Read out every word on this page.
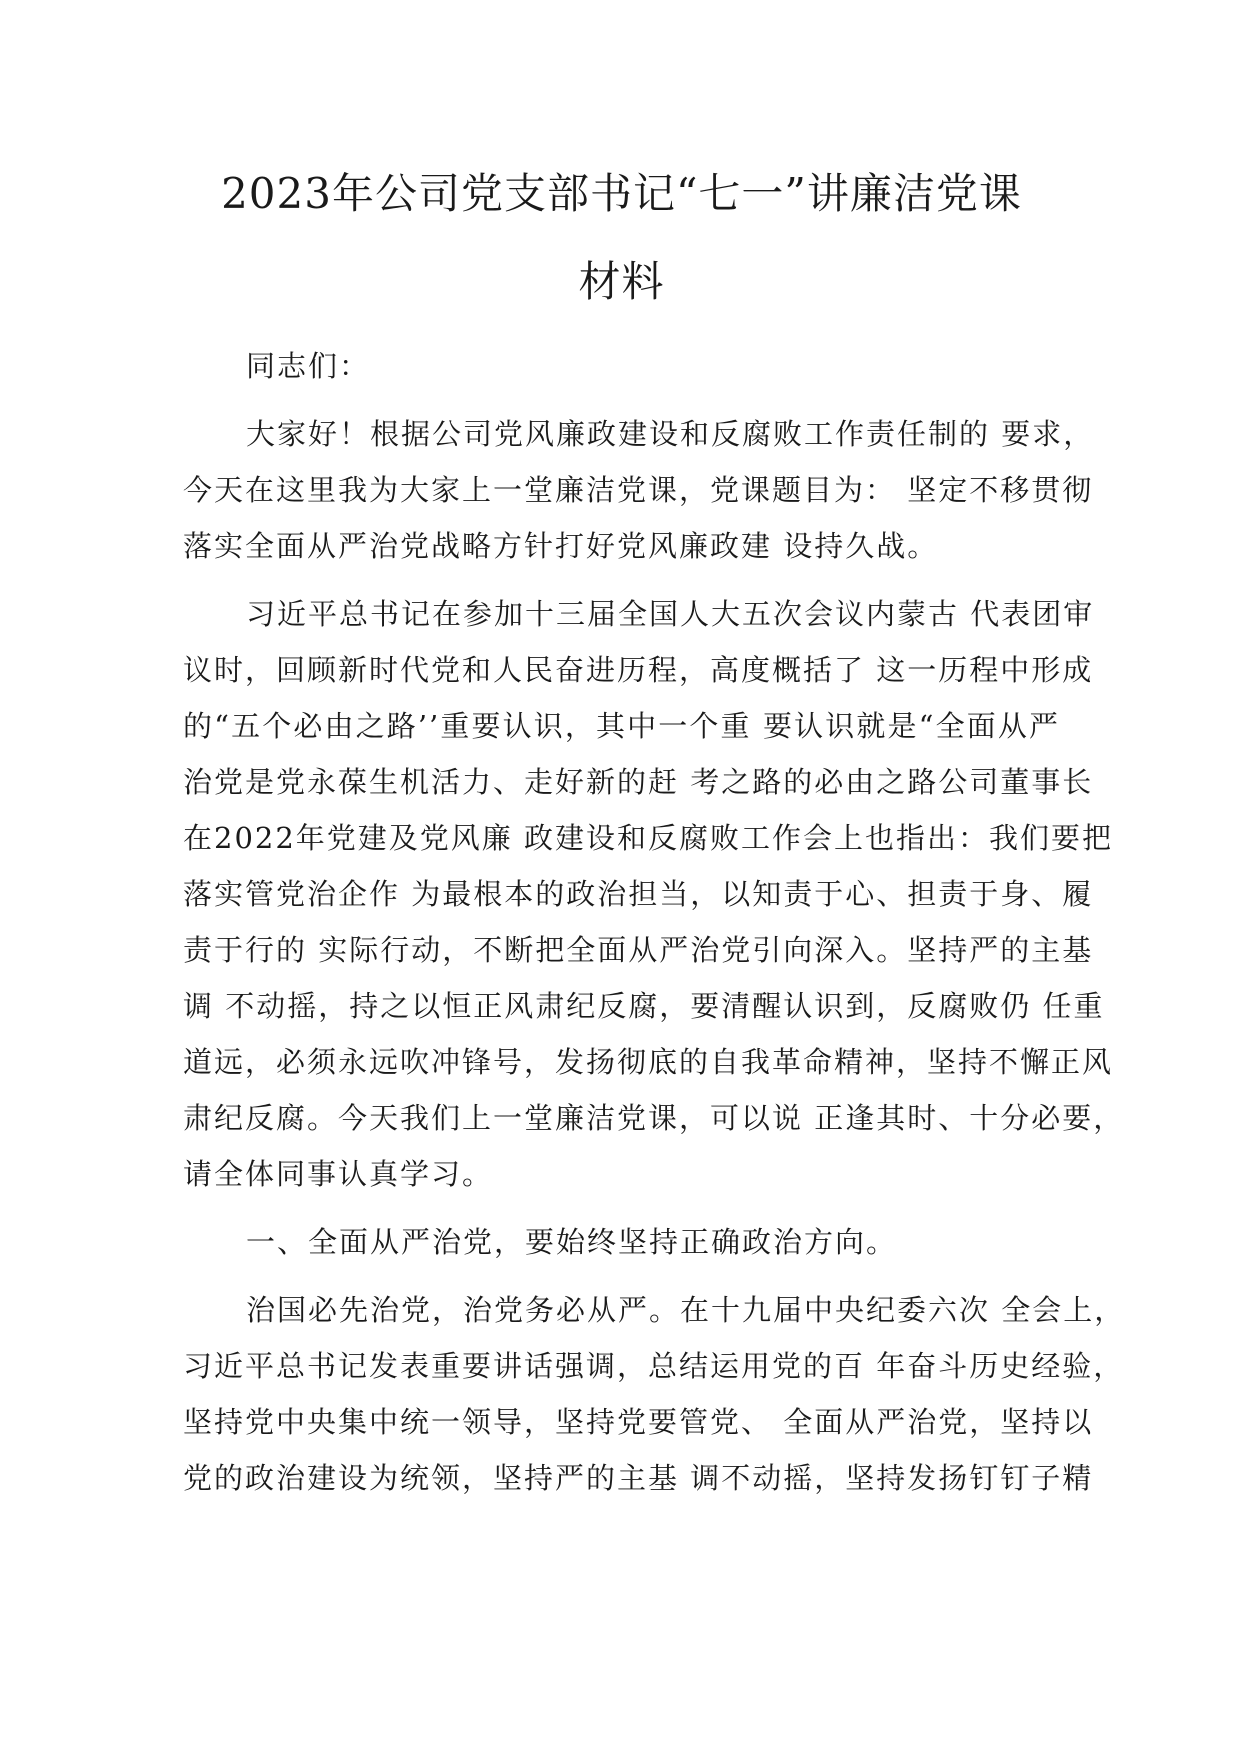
2023年公司党支部书记“七一”讲廉洁党课
材料
同志们：
大家好！根据公司党风廉政建设和反腐败工作责任制的 要求，
今天在这里我为大家上一堂廉洁党课，党课题目为： 坚定不移贯彻
落实全面从严治党战略方针打好党风廉政建 设持久战。
习近平总书记在参加十三届全国人大五次会议内蒙古 代表团审
议时，回顾新时代党和人民奋进历程，高度概括了 这一历程中形成
的“五个必由之路’’重要认识，其中一个重 要认识就是“全面从严
治党是党永葆生机活力、走好新的赶 考之路的必由之路公司董事长
在2022年党建及党风廉 政建设和反腐败工作会上也指出：我们要把
落实管党治企作 为最根本的政治担当，以知责于心、担责于身、履
责于行的 实际行动，不断把全面从严治党引向深入。坚持严的主基
调 不动摇，持之以恒正风肃纪反腐，要清醒认识到，反腐败仍 任重
道远，必须永远吹冲锋号，发扬彻底的自我革命精神，坚持不懈正风
肃纪反腐。今天我们上一堂廉洁党课，可以说 正逢其时、十分必要，
请全体同事认真学习。
一、全面从严治党，要始终坚持正确政治方向。
治国必先治党，治党务必从严。在十九届中央纪委六次 全会上，
习近平总书记发表重要讲话强调，总结运用党的百 年奋斗历史经验，
坚持党中央集中统一领导，坚持党要管党、 全面从严治党，坚持以
党的政治建设为统领，坚持严的主基 调不动摇，坚持发扬钉钉子精
